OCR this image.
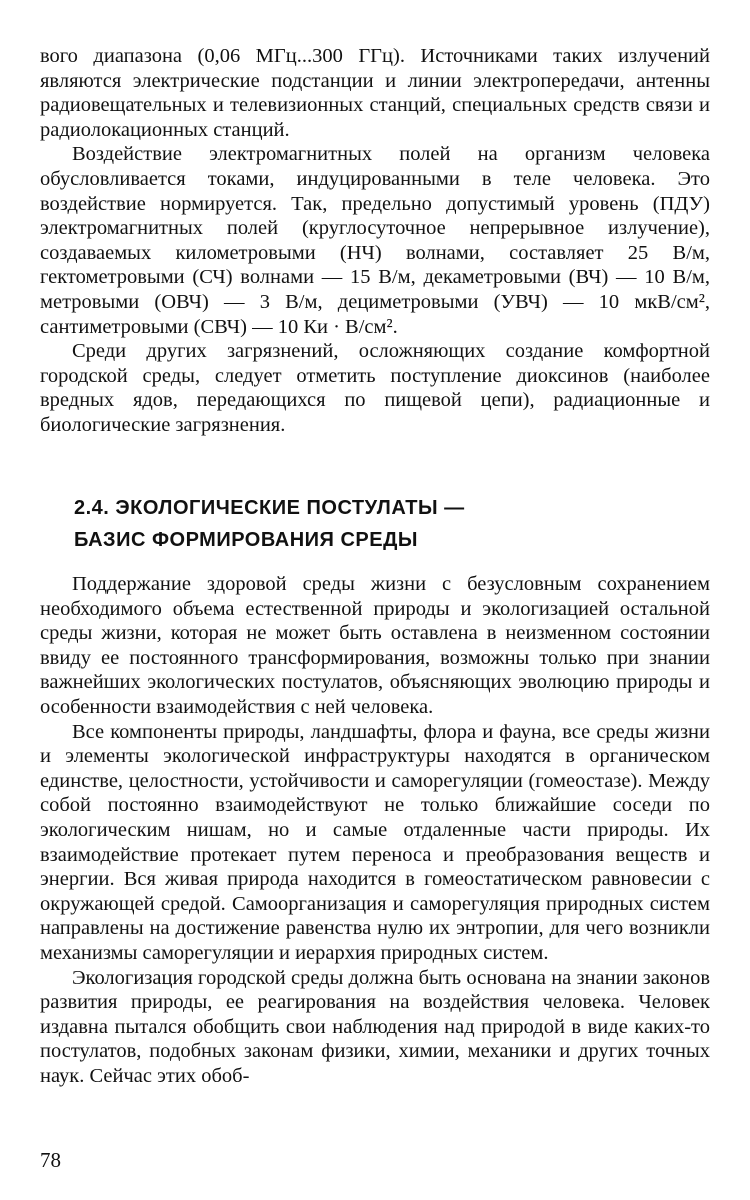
вого диапазона (0,06 МГц...300 ГГц). Источниками таких излучений являются электрические подстанции и линии электропередачи, антенны радиовещательных и телевизионных станций, специальных средств связи и радиолокационных станций.

Воздействие электромагнитных полей на организм человека обусловливается токами, индуцированными в теле человека. Это воздействие нормируется. Так, предельно допустимый уровень (ПДУ) электромагнитных полей (круглосуточное непрерывное излучение), создаваемых километровыми (НЧ) волнами, составляет 25 В/м, гектометровыми (СЧ) волнами — 15 В/м, декаметровыми (ВЧ) — 10 В/м, метровыми (ОВЧ) — 3 В/м, дециметровыми (УВЧ) — 10 мкВ/см², сантиметровыми (СВЧ) — 10 Ки · В/см².

Среди других загрязнений, осложняющих создание комфортной городской среды, следует отметить поступление диоксинов (наиболее вредных ядов, передающихся по пищевой цепи), радиационные и биологические загрязнения.

2.4. ЭКОЛОГИЧЕСКИЕ ПОСТУЛАТЫ —
БАЗИС ФОРМИРОВАНИЯ СРЕДЫ

Поддержание здоровой среды жизни с безусловным сохранением необходимого объема естественной природы и экологизацией остальной среды жизни, которая не может быть оставлена в неизменном состоянии ввиду ее постоянного трансформирования, возможны только при знании важнейших экологических постулатов, объясняющих эволюцию природы и особенности взаимодействия с ней человека.

Все компоненты природы, ландшафты, флора и фауна, все среды жизни и элементы экологической инфраструктуры находятся в органическом единстве, целостности, устойчивости и саморегуляции (гомеостазе). Между собой постоянно взаимодействуют не только ближайшие соседи по экологическим нишам, но и самые отдаленные части природы. Их взаимодействие протекает путем переноса и преобразования веществ и энергии. Вся живая природа находится в гомеостатическом равновесии с окружающей средой. Самоорганизация и саморегуляция природных систем направлены на достижение равенства нулю их энтропии, для чего возникли механизмы саморегуляции и иерархия природных систем.

Экологизация городской среды должна быть основана на знании законов развития природы, ее реагирования на воздействия человека. Человек издавна пытался обобщить свои наблюдения над природой в виде каких-то постулатов, подобных законам физики, химии, механики и других точных наук. Сейчас этих обоб-

78
